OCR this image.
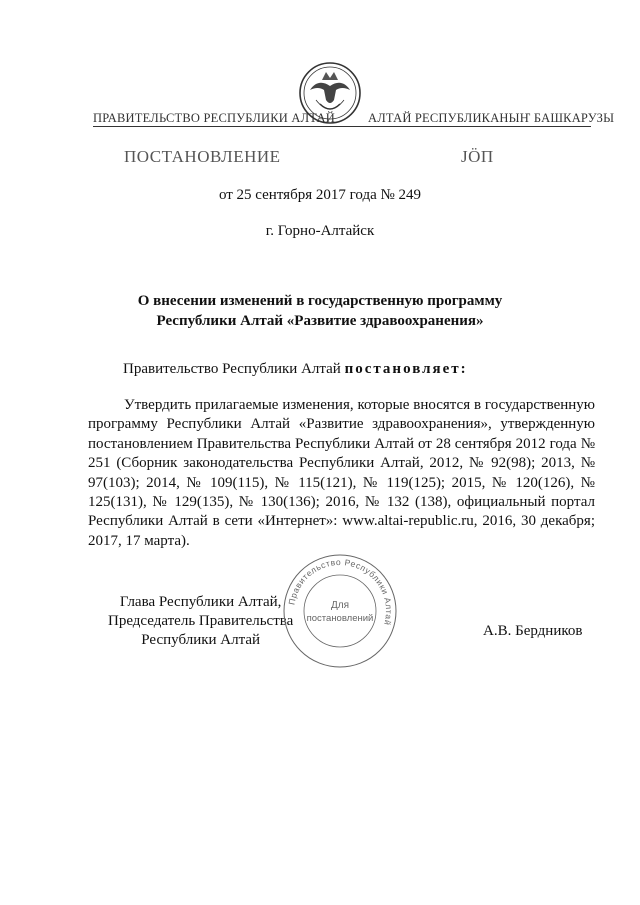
ПРАВИТЕЛЬСТВО РЕСПУБЛИКИ АЛТАЙ	АЛТАЙ РЕСПУБЛИКАНЫҤ БАШКАРУЗЫ
ПОСТАНОВЛЕНИЕ	JÖП
от 25 сентября 2017 года № 249
г. Горно-Алтайск
О внесении изменений в государственную программу
Республики Алтай «Развитие здравоохранения»
Правительство Республики Алтай постановляет:
Утвердить прилагаемые изменения, которые вносятся в государственную программу Республики Алтай «Развитие здравоохранения», утвержденную постановлением Правительства Республики Алтай от 28 сентября 2012 года № 251 (Сборник законодательства Республики Алтай, 2012, № 92(98); 2013, № 97(103); 2014, № 109(115), № 115(121), № 119(125); 2015, № 120(126), № 125(131), № 129(135), № 130(136); 2016, № 132 (138), официальный портал Республики Алтай в сети «Интернет»: www.altai-republic.ru, 2016, 30 декабря; 2017, 17 марта).
Глава Республики Алтай,
Председатель Правительства
Республики Алтай
А.В. Бердников
Правительство Республики Алтай
Для
постановлений
